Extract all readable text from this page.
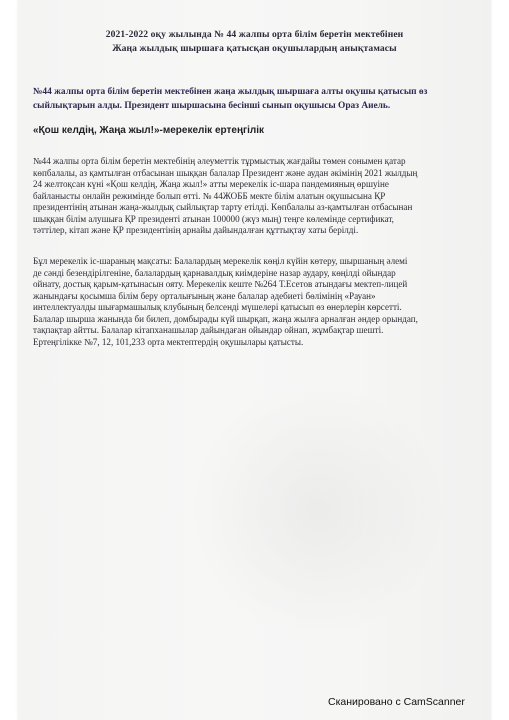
2021-2022 оқу жылында № 44 жалпы орта білім беретін мектебінен
Жаңа жылдық шыршаға қатысқан оқушылардың анықтамасы
№44 жалпы орта білім беретін мектебінен жаңа жылдық шыршаға алты оқушы қатысып өз
сыйлықтарын алды. Президент шыршасына бесінші сынып оқушысы Ораз Аиель.
«Қош келдің, Жаңа жыл!»-мерекелік ертеңгілік
№44 жалпы орта білім беретін мектебінің әлеуметтік тұрмыстық жағдайы төмен сонымен қатар
көпбалалы, аз қамтылған отбасынан шыққан балалар Президент және аудан әкімінің 2021 жылдың
24 желтоқсан күні «Қош келдің, Жаңа жыл!» атты мерекелік іс-шара пандемияның өршуіне
байланысты онлайн режимінде болып өтті. № 44ЖОББ мекте білім алатын оқушысына ҚР
президентінің атынан жаңа-жылдық сыйлықтар тарту етілді. Көпбалалы аз-қамтылған отбасынан
шыққан білім алушыға ҚР президенті атынан 100000 (жүз мың) теңге көлемінде сертификат,
тәттілер, кітап және ҚР президентінің арнайы дайындалған құттықтау хаты берілді.
Бұл мерекелік іс-шараның мақсаты: Балалардың мерекелік көңіл күйін көтеру, шыршаның әлемі
де сәнді безендірілгеніне, балалардың қарнавалдық киімдеріне назар аудару, көңілді ойындар
ойнату, достық қарым-қатынасын ояту. Мерекелік кеште №264 Т.Есетов атындағы мектеп-лицей
жанындағы қосымша білім беру орталығының және балалар әдебиеті бөлімінің «Рауан»
интеллектуалды шығармашылық клубының белсенді мүшелері қатысып өз өнерлерін көрсетті.
Балалар шырша жанында би билеп, домбырады күй шырқап, жаңа жылға арналған әндер орындап,
тақпақтар айтты. Балалар кітапханашылар дайындаған ойындар ойнап, жұмбақтар шешті.
Ертеңгілікке №7, 12, 101,233 орта мектептердің оқушылары қатысты.
Сканировано с CamScanner
